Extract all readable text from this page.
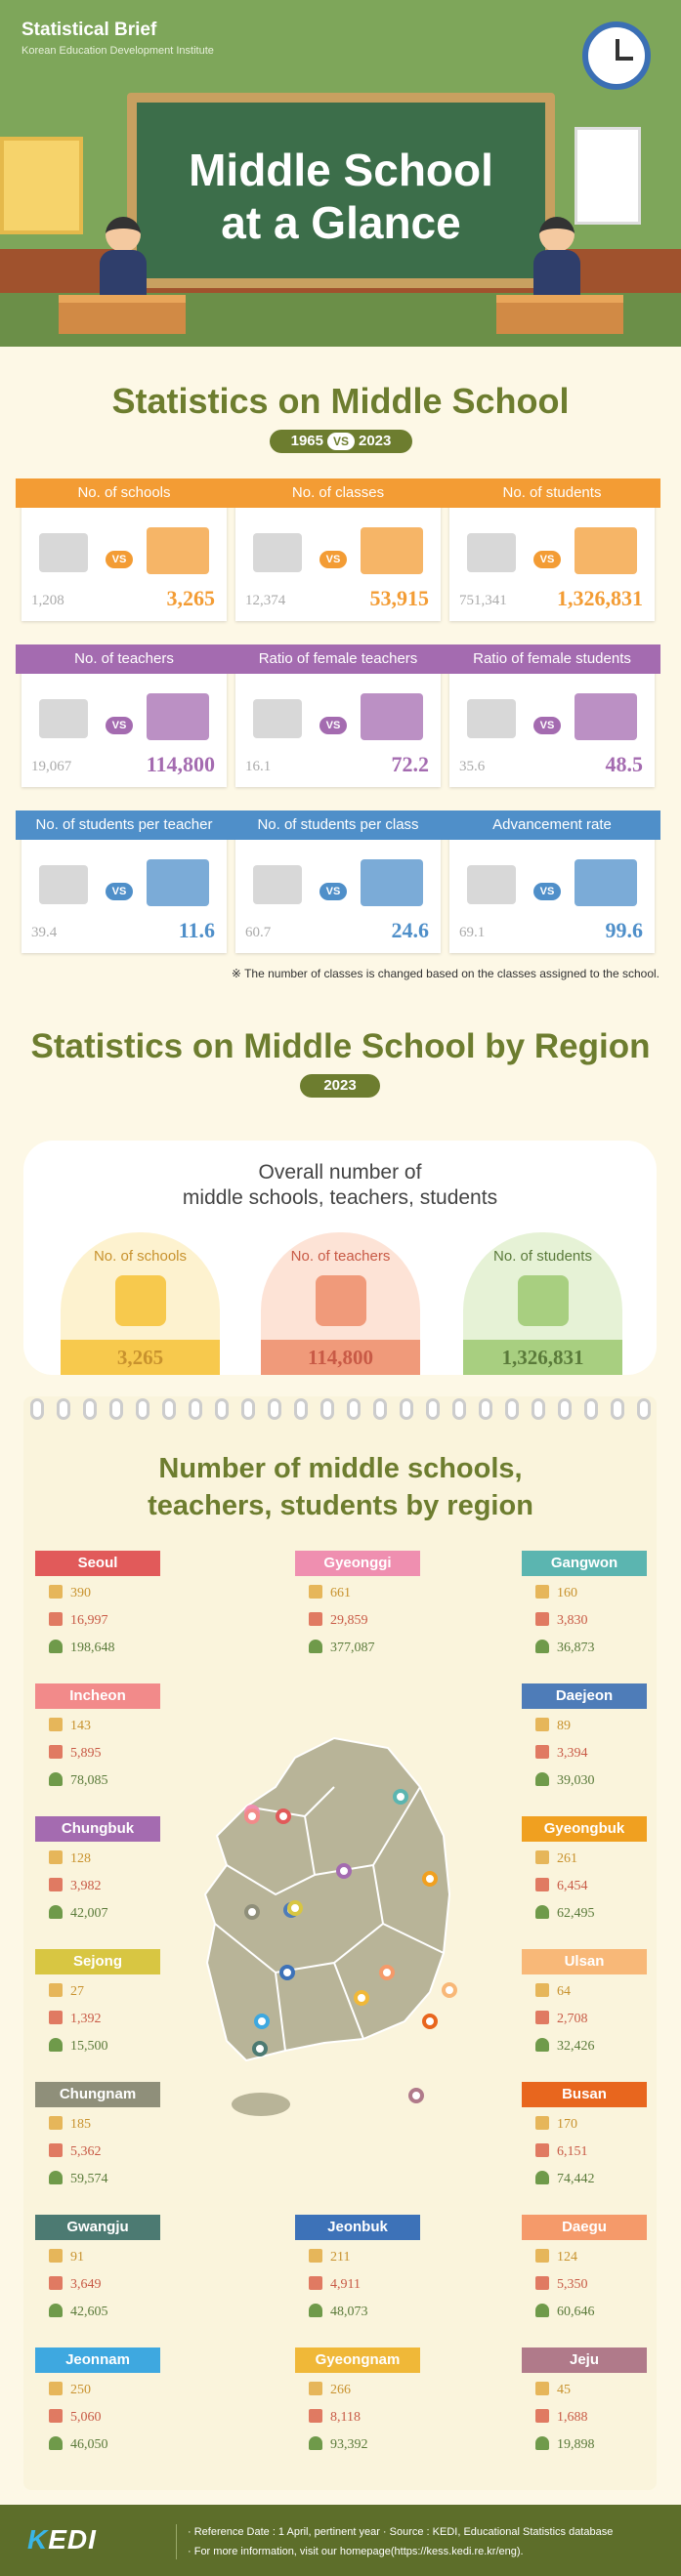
Statistical Brief
Korean Education Development Institute
Middle School
at a Glance
Statistics on Middle School
1965 VS 2023
No. of schools
VS
1,208	3,265
No. of classes
VS
12,374	53,915
No. of students
VS
751,341 1,326,831
No. of teachers
VS
19,067	114,800
Ratio of female teachers
VS
16.1	72.2
Ratio of female students
VS
35.6	48.5
No. of students per teacher
VS
39.4	11.6
No. of students per class
VS
60.7	24.6
Advancement rate
VS
69.1	99.6
※ The number of classes is changed based on the classes assigned to the school.
Statistics on Middle School by Region
2023
Overall number of
middle schools, teachers, students
No. of schools
3,265
No. of teachers
114,800
No. of students
1,326,831
Number of middle schools,
teachers, students by region
Seoul
390
16,997
198,648
Gyeonggi
661
29,859
377,087
Gangwon
160
3,830
36,873
Incheon
143
5,895
78,085
Daejeon
89
3,394
39,030
Chungbuk
128
3,982
42,007
Gyeongbuk
261
6,454
62,495
Sejong
27
1,392
15,500
Ulsan
64
2,708
32,426
Chungnam
185
5,362
59,574
Busan
170
6,151
74,442
Gwangju
91
3,649
42,605
Jeonbuk
211
4,911
48,073
Daegu
124
5,350
60,646
Jeonnam
250
5,060
46,050
Gyeongnam
266
8,118
93,392
Jeju
45
1,688
19,898
KEDI	· Reference Date : 1 April, pertinent year · Source : KEDI, Educational Statistics database
· For more information, visit our homepage(https://kess.kedi.re.kr/eng).
